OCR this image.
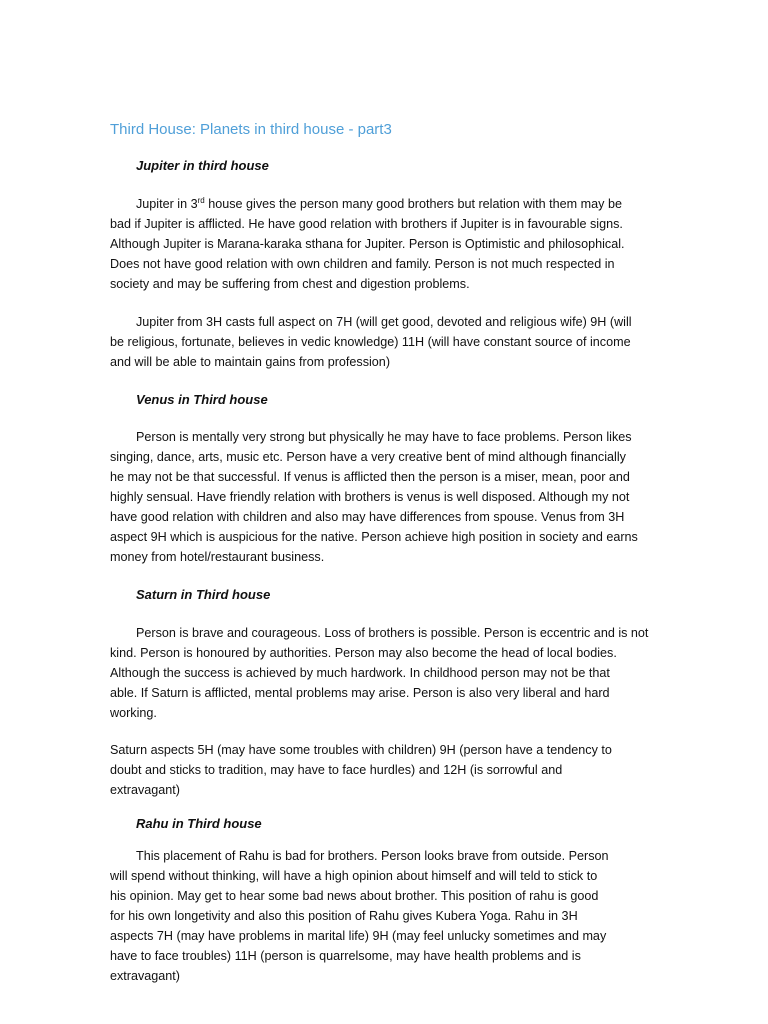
Third House: Planets in third house - part3
Jupiter in third house

Jupiter in 3rd house gives the person many good brothers but relation with them may be
bad if Jupiter is afflicted. He have good relation with brothers if Jupiter is in favourable signs.
Although Jupiter is Marana-karaka sthana for Jupiter. Person is Optimistic and philosophical.
Does not have good relation with own children and family. Person is not much respected in
society and may be suffering from chest and digestion problems.

Jupiter from 3H casts full aspect on 7H (will get good, devoted and religious wife) 9H (will
be religious, fortunate, believes in vedic knowledge) 11H (will have constant source of income
and will be able to maintain gains from profession)

Venus in Third house

Person is mentally very strong but physically he may have to face problems. Person likes
singing, dance, arts, music etc. Person have a very creative bent of mind although financially
he may not be that successful. If venus is afflicted then the person is a miser, mean, poor and
highly sensual. Have friendly relation with brothers is venus is well disposed. Although my not
have good relation with children and also may have differences from spouse. Venus from 3H
aspect 9H which is auspicious for the native. Person achieve high position in society and earns
money from hotel/restaurant business.

Saturn in Third house

Person is brave and courageous. Loss of brothers is possible. Person is eccentric and is not
kind. Person is honoured by authorities. Person may also become the head of local bodies.
Although the success is achieved by much hardwork. In childhood person may not be that
able. If Saturn is afflicted, mental problems may arise. Person is also very liberal and hard
working.

Saturn aspects 5H (may have some troubles with children) 9H (person have a tendency to
doubt and sticks to tradition, may have to face hurdles) and 12H (is sorrowful and
extravagant)

Rahu in Third house

This placement of Rahu is bad for brothers. Person looks brave from outside. Person
will spend without thinking, will have a high opinion about himself and will teld to stick to
his opinion. May get to hear some bad news about brother. This position of rahu is good
for his own longetivity and also this position of Rahu gives Kubera Yoga. Rahu in 3H
aspects 7H (may have problems in marital life) 9H (may feel unlucky sometimes and may
have to face troubles) 11H (person is quarrelsome, may have health problems and is
extravagant)
